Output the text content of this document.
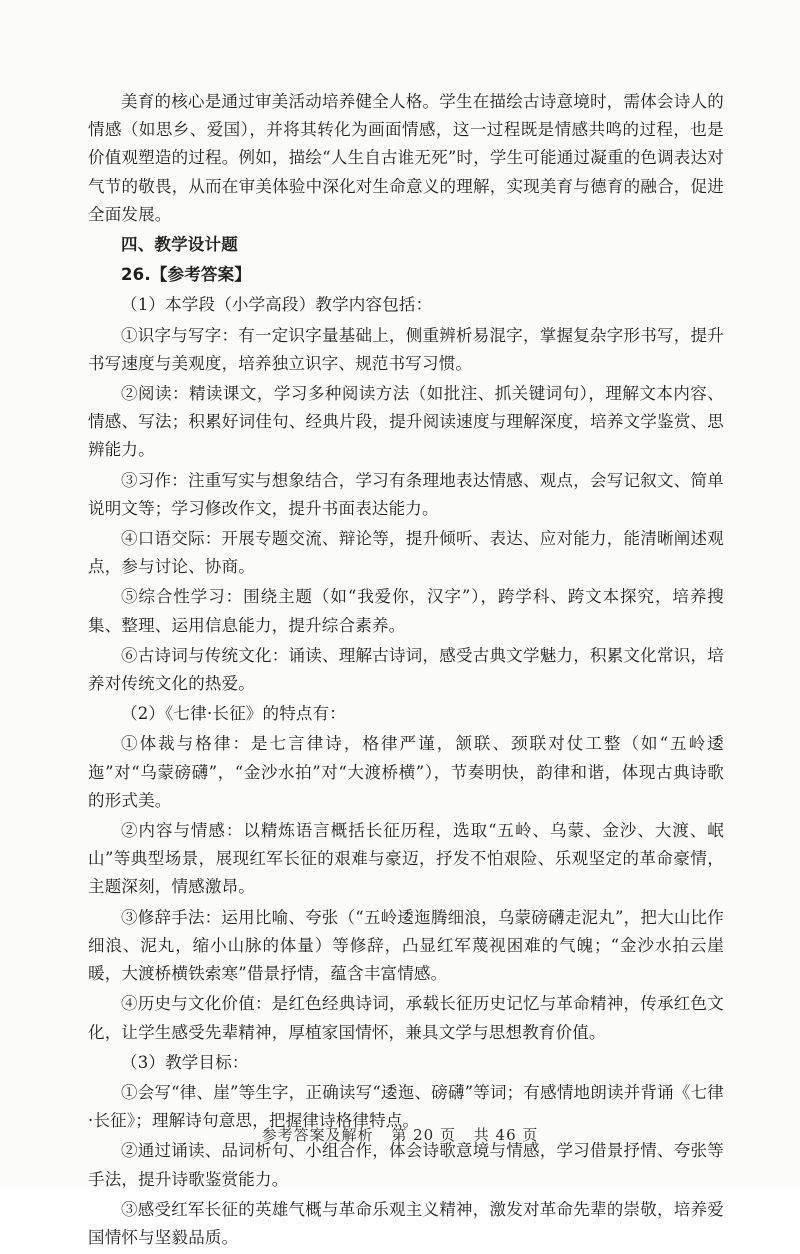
美育的核心是通过审美活动培养健全人格。学生在描绘古诗意境时，需体会诗人的情感（如思乡、爱国），并将其转化为画面情感，这一过程既是情感共鸣的过程，也是价值观塑造的过程。例如，描绘“人生自古谁无死”时，学生可能通过凝重的色调表达对气节的敬畏，从而在审美体验中深化对生命意义的理解，实现美育与德育的融合，促进全面发展。

四、教学设计题

26.【参考答案】

（1）本学段（小学高段）教学内容包括：

①识字与写字：有一定识字量基础上，侧重辨析易混字，掌握复杂字形书写，提升书写速度与美观度，培养独立识字、规范书写习惯。

②阅读：精读课文，学习多种阅读方法（如批注、抓关键词句），理解文本内容、情感、写法；积累好词佳句、经典片段，提升阅读速度与理解深度，培养文学鉴赏、思辨能力。

③习作：注重写实与想象结合，学习有条理地表达情感、观点，会写记叙文、简单说明文等；学习修改作文，提升书面表达能力。

④口语交际：开展专题交流、辩论等，提升倾听、表达、应对能力，能清晰阐述观点，参与讨论、协商。

⑤综合性学习：围绕主题（如“我爱你，汉字”），跨学科、跨文本探究，培养搜集、整理、运用信息能力，提升综合素养。

⑥古诗词与传统文化：诵读、理解古诗词，感受古典文学魅力，积累文化常识，培养对传统文化的热爱。

（2）《七律·长征》的特点有：

①体裁与格律：是七言律诗，格律严谨，颔联、颈联对仗工整（如“五岭逶迤”对“乌蒙磅礴”，“金沙水拍”对“大渡桥横”），节奏明快，韵律和谐，体现古典诗歌的形式美。

②内容与情感：以精炼语言概括长征历程，选取“五岭、乌蒙、金沙、大渡、岷山”等典型场景，展现红军长征的艰难与豪迈，抒发不怕艰险、乐观坚定的革命豪情，主题深刻，情感激昂。

③修辞手法：运用比喻、夸张（“五岭逶迤腾细浪，乌蒙磅礴走泥丸”，把大山比作细浪、泥丸，缩小山脉的体量）等修辞，凸显红军蔑视困难的气魄；“金沙水拍云崖暖，大渡桥横铁索寒”借景抒情，蕴含丰富情感。

④历史与文化价值：是红色经典诗词，承载长征历史记忆与革命精神，传承红色文化，让学生感受先辈精神，厚植家国情怀，兼具文学与思想教育价值。

（3）教学目标：

①会写“律、崖”等生字，正确读写“逶迤、磅礴”等词；有感情地朗读并背诵《七律·长征》；理解诗句意思，把握律诗格律特点。

②通过诵读、品词析句、小组合作，体会诗歌意境与情感，学习借景抒情、夸张等手法，提升诗歌鉴赏能力。

③感受红军长征的英雄气概与革命乐观主义精神，激发对革命先辈的崇敬，培养爱国情怀与坚毅品质。

参考答案及解析 第 20 页 共 46 页
